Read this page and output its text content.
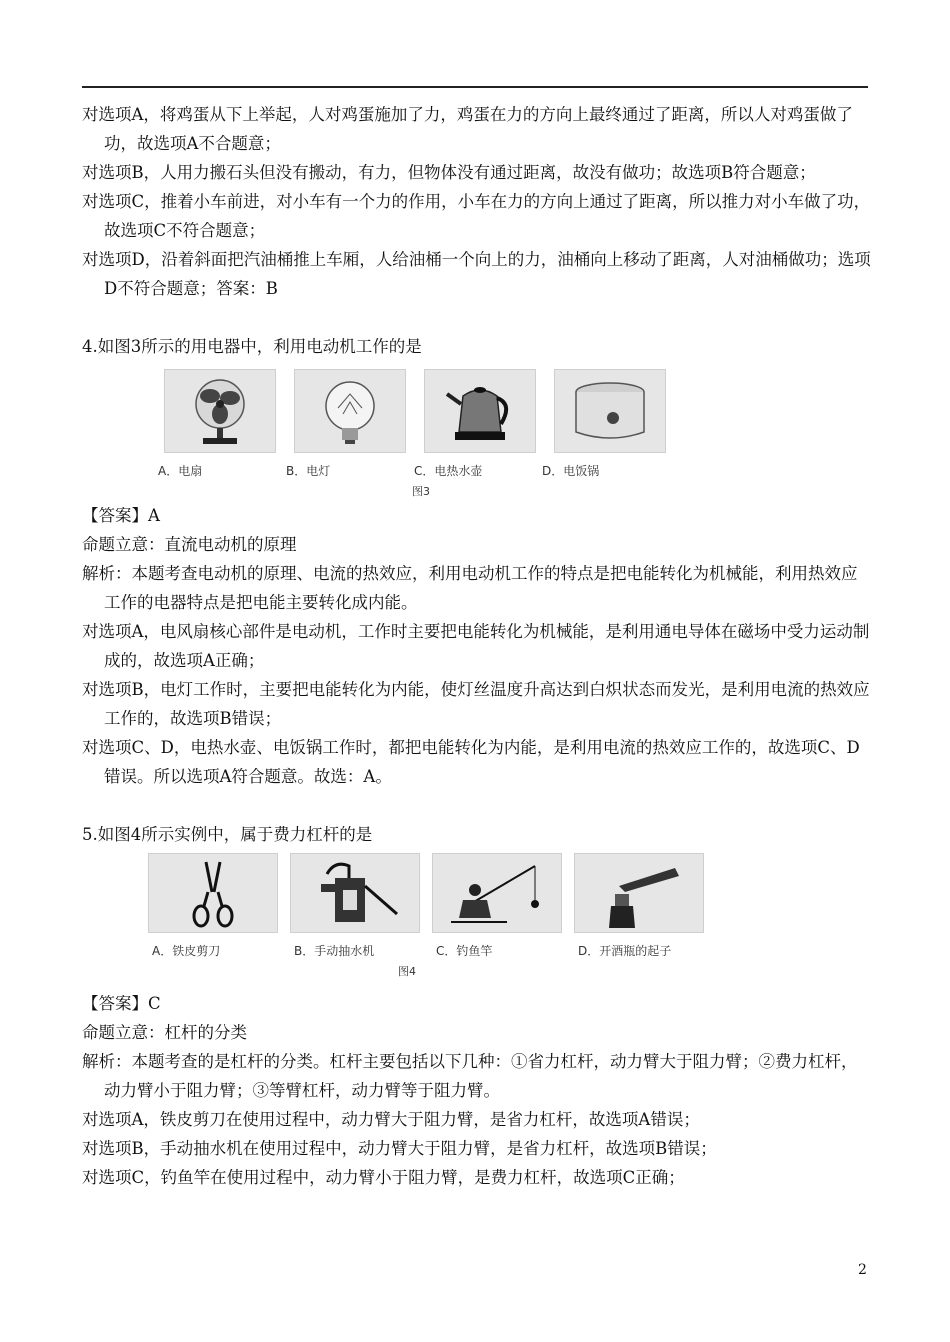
对选项A，将鸡蛋从下上举起，人对鸡蛋施加了力，鸡蛋在力的方向上最终通过了距离，所以人对鸡蛋做了功，故选项A不合题意；

对选项B，人用力搬石头但没有搬动，有力，但物体没有通过距离，故没有做功；故选项B符合题意；

对选项C，推着小车前进，对小车有一个力的作用，小车在力的方向上通过了距离，所以推力对小车做了功，故选项C不符合题意；

对选项D，沿着斜面把汽油桶推上车厢，人给油桶一个向上的力，油桶向上移动了距离，人对油桶做功；选项D不符合题意；答案：B

4.如图3所示的用电器中，利用电动机工作的是

A．电扇	B．电灯	C．电热水壶	D．电饭锅
图3

【答案】A

命题立意：直流电动机的原理

解析：本题考查电动机的原理、电流的热效应，利用电动机工作的特点是把电能转化为机械能，利用热效应工作的电器特点是把电能主要转化成内能。

对选项A，电风扇核心部件是电动机，工作时主要把电能转化为机械能，是利用通电导体在磁场中受力运动制成的，故选项A正确；

对选项B，电灯工作时，主要把电能转化为内能，使灯丝温度升高达到白炽状态而发光，是利用电流的热效应工作的，故选项B错误；

对选项C、D，电热水壶、电饭锅工作时，都把电能转化为内能，是利用电流的热效应工作的，故选项C、D错误。所以选项A符合题意。故选：A。

5.如图4所示实例中，属于费力杠杆的是

A．铁皮剪刀	B．手动抽水机	C．钓鱼竿	D．开酒瓶的起子
图4

【答案】C

命题立意：杠杆的分类

解析：本题考查的是杠杆的分类。杠杆主要包括以下几种：①省力杠杆，动力臂大于阻力臂；②费力杠杆，动力臂小于阻力臂；③等臂杠杆，动力臂等于阻力臂。

对选项A，铁皮剪刀在使用过程中，动力臂大于阻力臂，是省力杠杆，故选项A错误；

对选项B，手动抽水机在使用过程中，动力臂大于阻力臂，是省力杠杆，故选项B错误；

对选项C，钓鱼竿在使用过程中，动力臂小于阻力臂，是费力杠杆，故选项C正确；

2
